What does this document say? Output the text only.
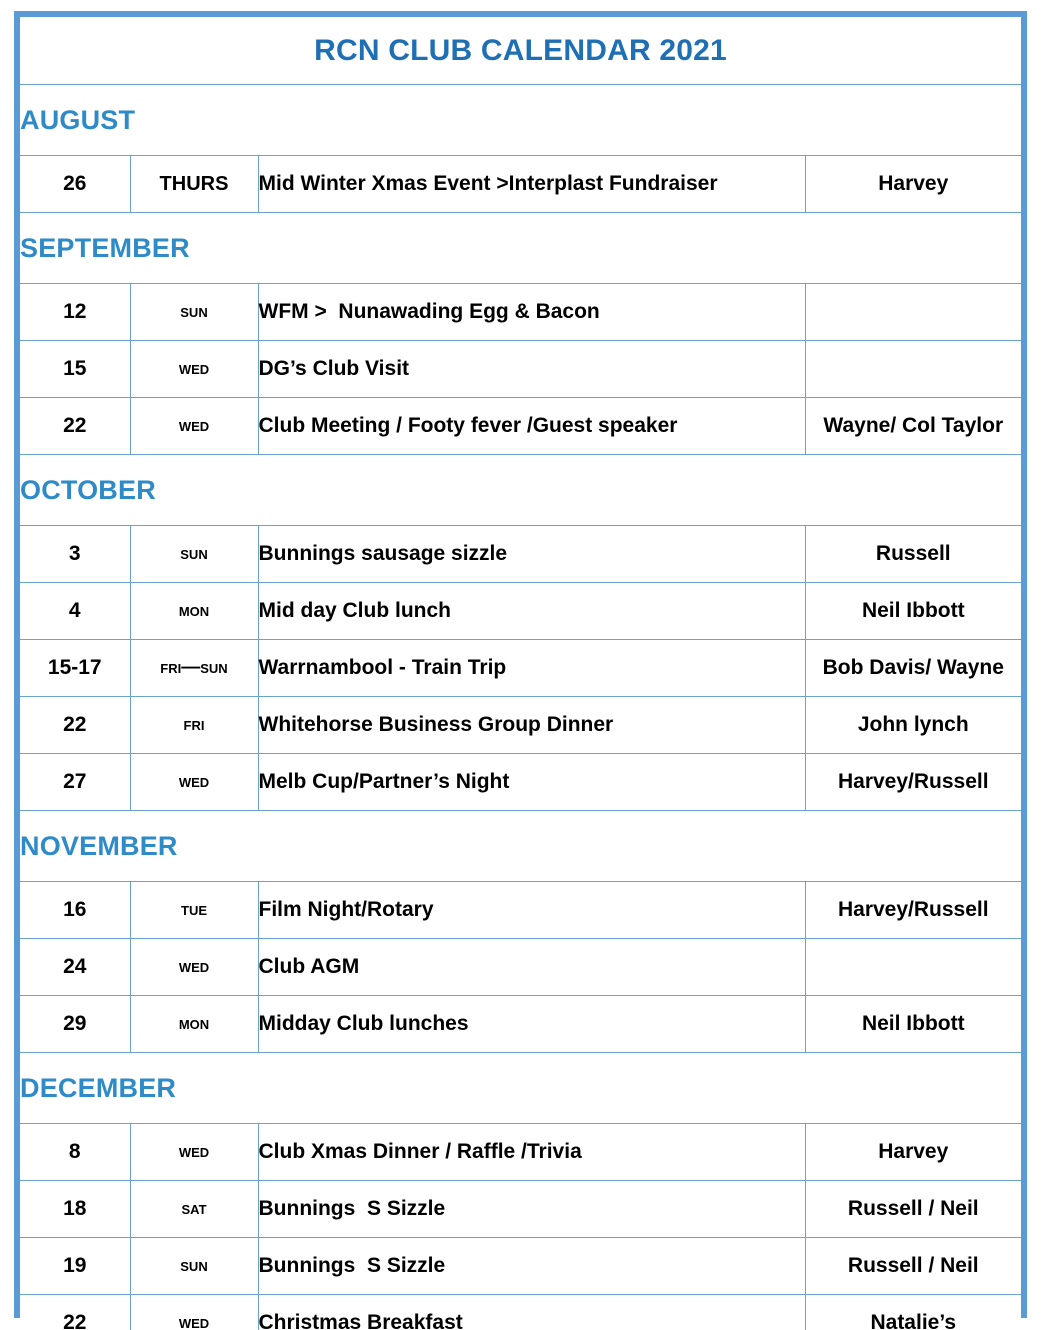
RCN CLUB CALENDAR 2021			
AUGUST			
26	THURS	Mid Winter Xmas Event >Interplast Fundraiser	Harvey
SEPTEMBER			
12	sun	WFM >  Nunawading Egg & Bacon	
15	wed	DG’s Club Visit	
22	wed	Club Meeting / Footy fever /Guest speaker	Wayne/ Col Taylor
OCTOBER			
3	sun	Bunnings sausage sizzle	Russell
4	mon	Mid day Club lunch	Neil Ibbott
15-17	fri—sun	Warrnambool - Train Trip	Bob Davis/ Wayne
22	fri	Whitehorse Business Group Dinner	John lynch
27	wed	Melb Cup/Partner’s Night	Harvey/Russell
NOVEMBER			
16	tue	Film Night/Rotary	Harvey/Russell
24	wed	Club AGM	
29	mon	Midday Club lunches	Neil Ibbott
DECEMBER			
8	wed	Club Xmas Dinner / Raffle /Trivia	Harvey
18	sat	Bunnings  S Sizzle	Russell / Neil
19	sun	Bunnings  S Sizzle	Russell / Neil
22	wed	Christmas Breakfast	Natalie’s
